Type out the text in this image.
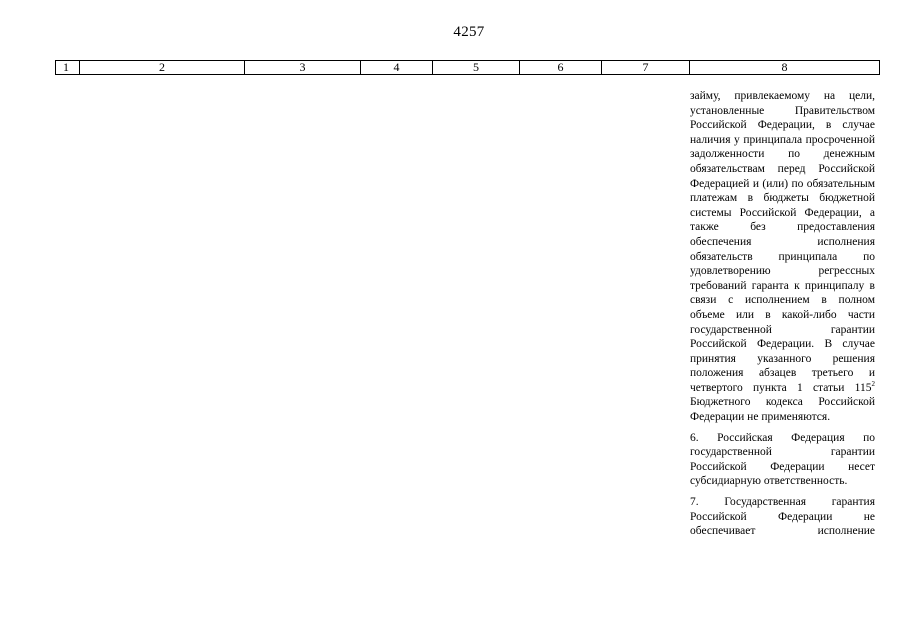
4257
1	2	3	4	5	6	7	8

займу, привлекаемому на цели, установленные Правительством Российской Федерации, в случае наличия у принципала просроченной задолженности по денежным обязательствам перед Российской Федерацией и (или) по обязательным платежам в бюджеты бюджетной системы Российской Федерации, а также без предоставления обеспечения исполнения обязательств принципала по удовлетворению регрессных требований гаранта к принципалу в связи с исполнением в полном объеме или в какой-либо части государственной гарантии Российской Федерации. В случае принятия указанного решения положения абзацев третьего и четвертого пункта 1 статьи $115^2$ Бюджетного кодекса Российской Федерации не применяются.

6. Российская Федерация по государственной гарантии Российской Федерации несет субсидиарную ответственность.

7. Государственная гарантия Российской Федерации не обеспечивает исполнение
